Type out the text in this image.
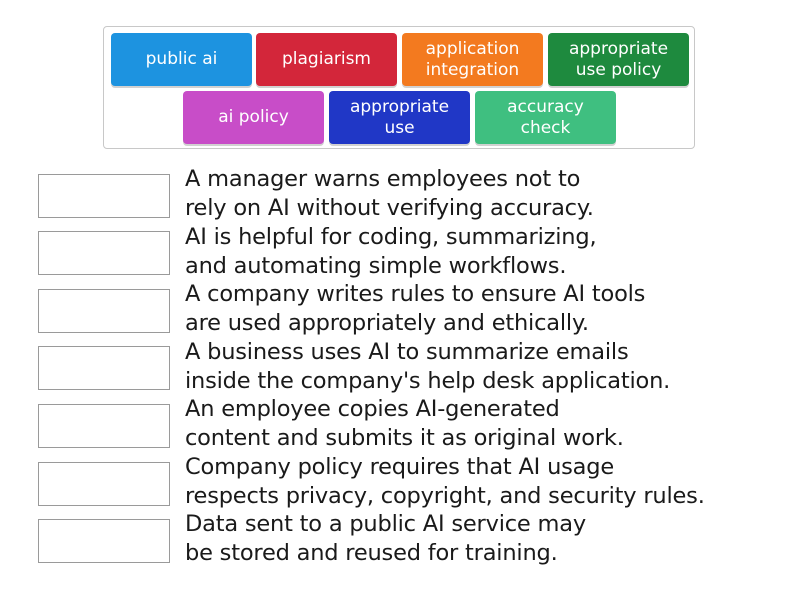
public ai	plagiarism
application
integration
appropriate
use policy
ai policy
appropriate
use
accuracy
check
A manager warns employees not to
rely on AI without verifying accuracy.
AI is helpful for coding, summarizing,
and automating simple workflows.
A company writes rules to ensure AI tools
are used appropriately and ethically.
A business uses AI to summarize emails
inside the company's help desk application.
An employee copies AI-generated
content and submits it as original work.
Company policy requires that AI usage
respects privacy, copyright, and security rules.
Data sent to a public AI service may
be stored and reused for training.
